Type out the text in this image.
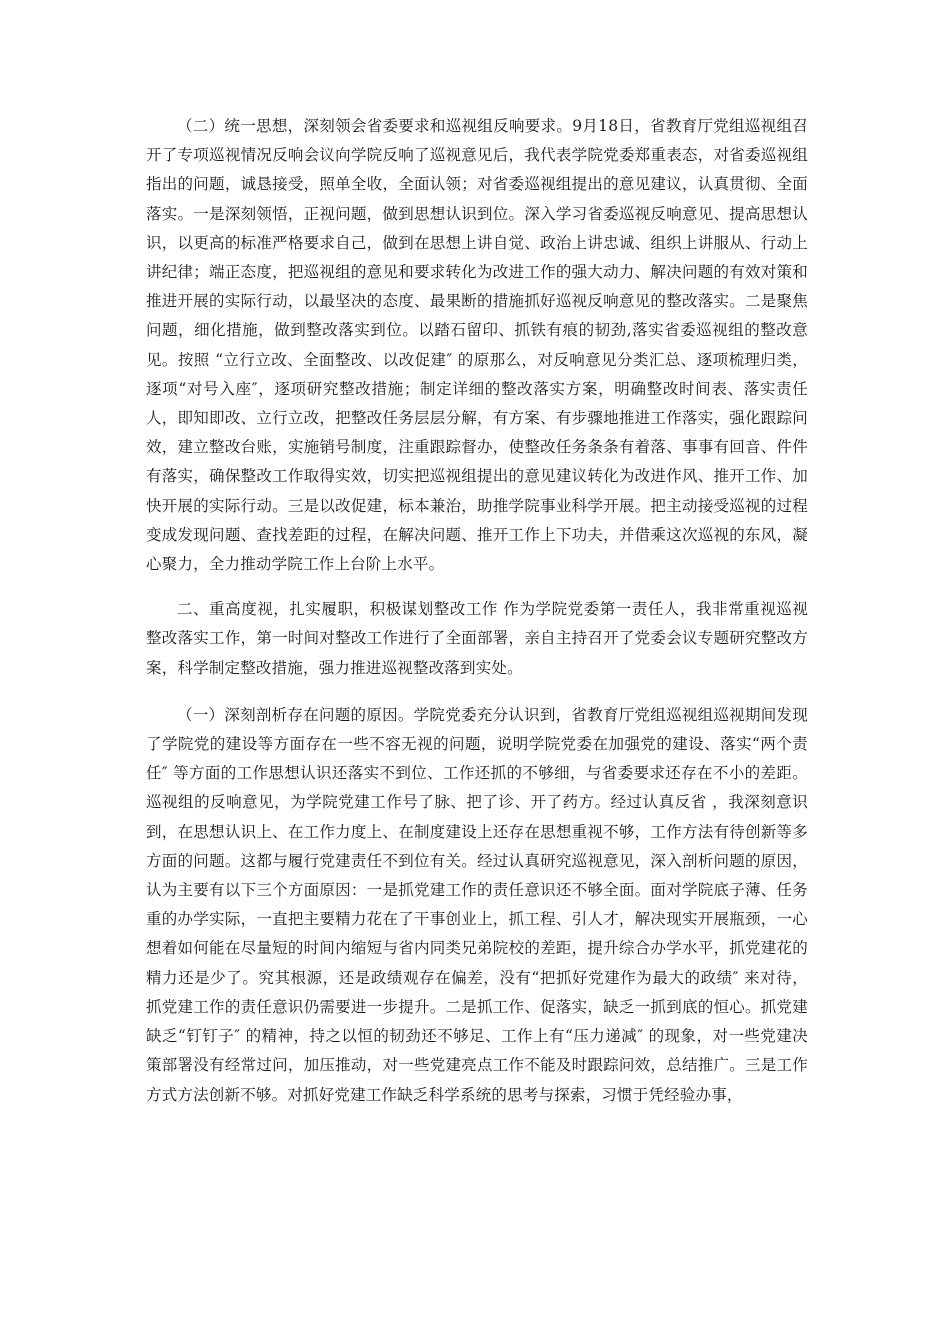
（二）统一思想，深刻领会省委要求和巡视组反响要求。9月18日，省教育厅党组巡视组召开了专项巡视情况反响会议向学院反响了巡视意见后，我代表学院党委郑重表态，对省委巡视组指出的问题，诚恳接受，照单全收，全面认领；对省委巡视组提出的意见建议，认真贯彻、全面落实。一是深刻领悟，正视问题，做到思想认识到位。深入学习省委巡视反响意见、提高思想认识，以更高的标准严格要求自己，做到在思想上讲自觉、政治上讲忠诚、组织上讲服从、行动上讲纪律；端正态度，把巡视组的意见和要求转化为改进工作的强大动力、解决问题的有效对策和推进开展的实际行动，以最坚决的态度、最果断的措施抓好巡视反响意见的整改落实。二是聚焦问题，细化措施，做到整改落实到位。以踏石留印、抓铁有痕的韧劲,落实省委巡视组的整改意见。按照 “立行立改、全面整改、以改促建″ 的原那么，对反响意见分类汇总、逐项梳理归类，逐项“对号入座″，逐项研究整改措施；制定详细的整改落实方案，明确整改时间表、落实责任人，即知即改、立行立改，把整改任务层层分解，有方案、有步骤地推进工作落实，强化跟踪问效，建立整改台账，实施销号制度，注重跟踪督办，使整改任务条条有着落、事事有回音、件件有落实，确保整改工作取得实效，切实把巡视组提出的意见建议转化为改进作风、推开工作、加快开展的实际行动。三是以改促建，标本兼治，助推学院事业科学开展。把主动接受巡视的过程变成发现问题、查找差距的过程，在解决问题、推开工作上下功夫，并借乘这次巡视的东风，凝心聚力，全力推动学院工作上台阶上水平。

二、重高度视，扎实履职，积极谋划整改工作 作为学院党委第一责任人，我非常重视巡视整改落实工作，第一时间对整改工作进行了全面部署，亲自主持召开了党委会议专题研究整改方案，科学制定整改措施，强力推进巡视整改落到实处。

（一）深刻剖析存在问题的原因。学院党委充分认识到，省教育厅党组巡视组巡视期间发现了学院党的建设等方面存在一些不容无视的问题，说明学院党委在加强党的建设、落实“两个责任″ 等方面的工作思想认识还落实不到位、工作还抓的不够细，与省委要求还存在不小的差距。巡视组的反响意见，为学院党建工作号了脉、把了诊、开了药方。经过认真反省 ，我深刻意识到，在思想认识上、在工作力度上、在制度建设上还存在思想重视不够，工作方法有待创新等多方面的问题。这都与履行党建责任不到位有关。经过认真研究巡视意见，深入剖析问题的原因，认为主要有以下三个方面原因：一是抓党建工作的责任意识还不够全面。面对学院底子薄、任务重的办学实际，一直把主要精力花在了干事创业上，抓工程、引人才，解决现实开展瓶颈，一心想着如何能在尽量短的时间内缩短与省内同类兄弟院校的差距，提升综合办学水平，抓党建花的精力还是少了。究其根源，还是政绩观存在偏差，没有“把抓好党建作为最大的政绩″ 来对待，抓党建工作的责任意识仍需要进一步提升。二是抓工作、促落实，缺乏一抓到底的恒心。抓党建缺乏“钉钉子″ 的精神，持之以恒的韧劲还不够足、工作上有“压力递减″ 的现象，对一些党建决策部署没有经常过问，加压推动，对一些党建亮点工作不能及时跟踪问效，总结推广。三是工作方式方法创新不够。对抓好党建工作缺乏科学系统的思考与探索，习惯于凭经验办事，
